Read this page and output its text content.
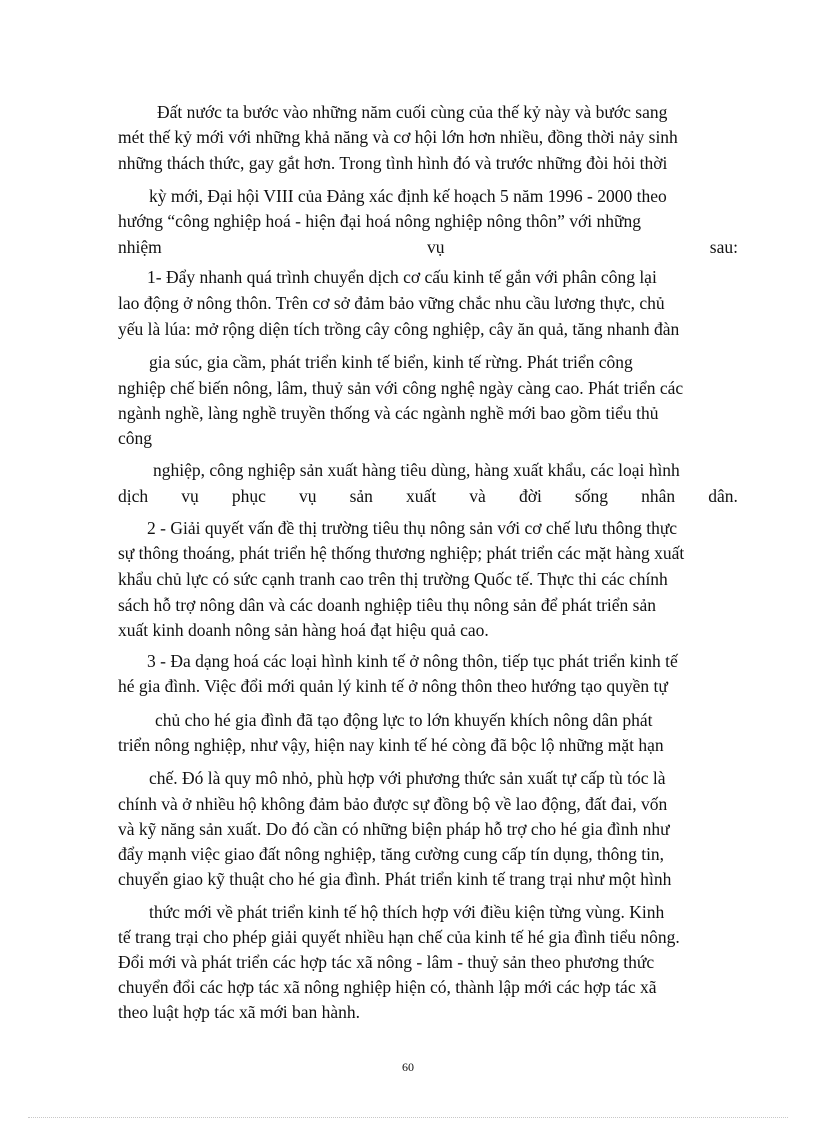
Đất nước ta bước vào những năm cuối cùng của thế kỷ này và bước sang
mét thế kỷ mới với những khả năng và cơ hội lớn hơn nhiều, đồng thời nảy sinh
những thách thức, gay gắt hơn. Trong tình hình đó và trước những đòi hỏi thời
kỳ mới, Đại hội VIII của Đảng xác định kế hoạch 5 năm 1996 - 2000 theo
hướng “công nghiệp hoá - hiện đại hoá nông nghiệp nông thôn” với những
nhiệm	vụ	sau:
1- Đẩy nhanh quá trình chuyển dịch cơ cấu kinh tế gắn với phân công lại
lao động ở nông thôn. Trên cơ sở đảm bảo vững chắc nhu cầu lương thực, chủ
yếu là lúa: mở rộng diện tích trồng cây công nghiệp, cây ăn quả, tăng nhanh đàn
gia súc, gia cầm, phát triển kinh tế biển, kinh tế rừng. Phát triển công
nghiệp chế biến nông, lâm, thuỷ sản với công nghệ ngày càng cao. Phát triển các
ngành nghề, làng nghề truyền thống và các ngành nghề mới bao gồm tiểu thủ
công
nghiệp, công nghiệp sản xuất hàng tiêu dùng, hàng xuất khẩu, các loại hình
dịch vụ phục vụ sản xuất và đời sống nhân dân.
2 - Giải quyết vấn đề thị trường tiêu thụ nông sản với cơ chế lưu thông thực
sự thông thoáng, phát triển hệ thống thương nghiệp; phát triển các mặt hàng xuất
khẩu chủ lực có sức cạnh tranh cao trên thị trường Quốc tế. Thực thi các chính
sách hỗ trợ nông dân và các doanh nghiệp tiêu thụ nông sản để phát triển sản
xuất kinh doanh nông sản hàng hoá đạt hiệu quả cao.
3 - Đa dạng hoá các loại hình kinh tế ở nông thôn, tiếp tục phát triển kinh tế
hé gia đình. Việc đổi mới quản lý kinh tế ở nông thôn theo hướng tạo quyền tự
chủ cho hé gia đình đã tạo động lực to lớn khuyến khích nông dân phát
triển nông nghiệp, như vậy, hiện nay kinh tế hé còng đã bộc lộ những mặt hạn
chế. Đó là quy mô nhỏ, phù hợp với phương thức sản xuất tự cấp tù tóc là
chính và ở nhiều hộ không đảm bảo được sự đồng bộ về lao động, đất đai, vốn
và kỹ năng sản xuất. Do đó cần có những biện pháp hỗ trợ cho hé gia đình như
đẩy mạnh việc giao đất nông nghiệp, tăng cường cung cấp tín dụng, thông tin,
chuyển giao kỹ thuật cho hé gia đình. Phát triển kinh tế trang trại như một hình
thức mới về phát triển kinh tế hộ thích hợp với điều kiện từng vùng. Kinh
tế trang trại cho phép giải quyết nhiều hạn chế của kinh tế hé gia đình tiểu nông.
Đổi mới và phát triển các hợp tác xã nông - lâm - thuỷ sản theo phương thức
chuyển đổi các hợp tác xã nông nghiệp hiện có, thành lập mới các hợp tác xã
theo luật hợp tác xã mới ban hành.
60
